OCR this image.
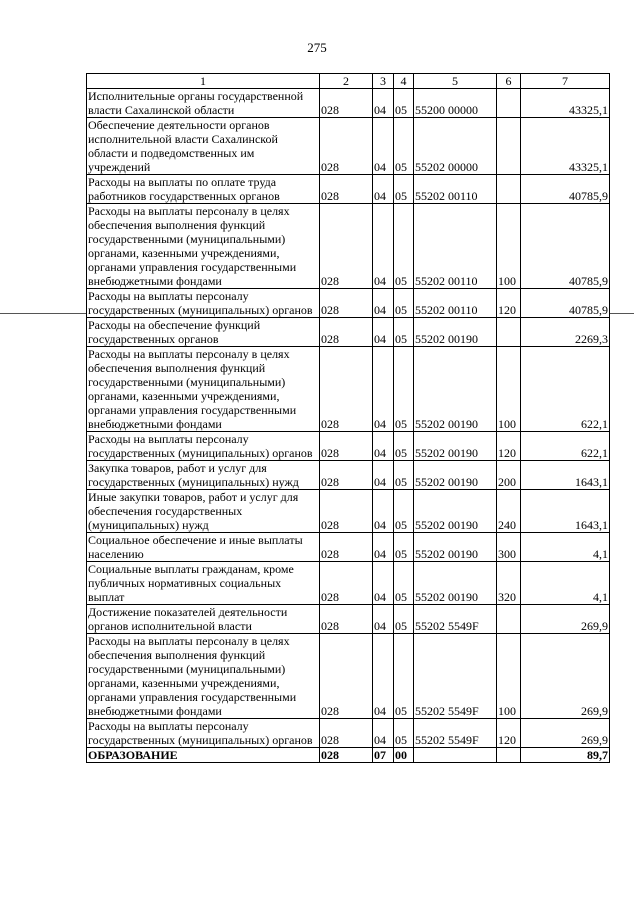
275
1	2	3	4	5	6	7
Исполнительные органы государственной власти Сахалинской области	028	04	05	55200 00000		43325,1
Обеспечение деятельности органов исполнительной власти Сахалинской области и подведомственных им учреждений	028	04	05	55202 00000		43325,1
Расходы на выплаты по оплате труда работников государственных органов	028	04	05	55202 00110		40785,9
Расходы на выплаты персоналу в целях обеспечения выполнения функций государственными (муниципальными) органами, казенными учреждениями, органами управления государственными внебюджетными фондами	028	04	05	55202 00110	100	40785,9
Расходы на выплаты персоналу государственных (муниципальных) органов	028	04	05	55202 00110	120	40785,9
Расходы на обеспечение функций государственных органов	028	04	05	55202 00190		2269,3
Расходы на выплаты персоналу в целях обеспечения выполнения функций государственными (муниципальными) органами, казенными учреждениями, органами управления государственными внебюджетными фондами	028	04	05	55202 00190	100	622,1
Расходы на выплаты персоналу государственных (муниципальных) органов	028	04	05	55202 00190	120	622,1
Закупка товаров, работ и услуг для государственных (муниципальных) нужд	028	04	05	55202 00190	200	1643,1
Иные закупки товаров, работ и услуг для обеспечения государственных (муниципальных) нужд	028	04	05	55202 00190	240	1643,1
Социальное обеспечение и иные выплаты населению	028	04	05	55202 00190	300	4,1
Социальные выплаты гражданам, кроме публичных нормативных социальных выплат	028	04	05	55202 00190	320	4,1
Достижение показателей деятельности органов исполнительной власти	028	04	05	55202 5549F		269,9
Расходы на выплаты персоналу в целях обеспечения выполнения функций государственными (муниципальными) органами, казенными учреждениями, органами управления государственными внебюджетными фондами	028	04	05	55202 5549F	100	269,9
Расходы на выплаты персоналу государственных (муниципальных) органов	028	04	05	55202 5549F	120	269,9
ОБРАЗОВАНИЕ	028	07	00			89,7
